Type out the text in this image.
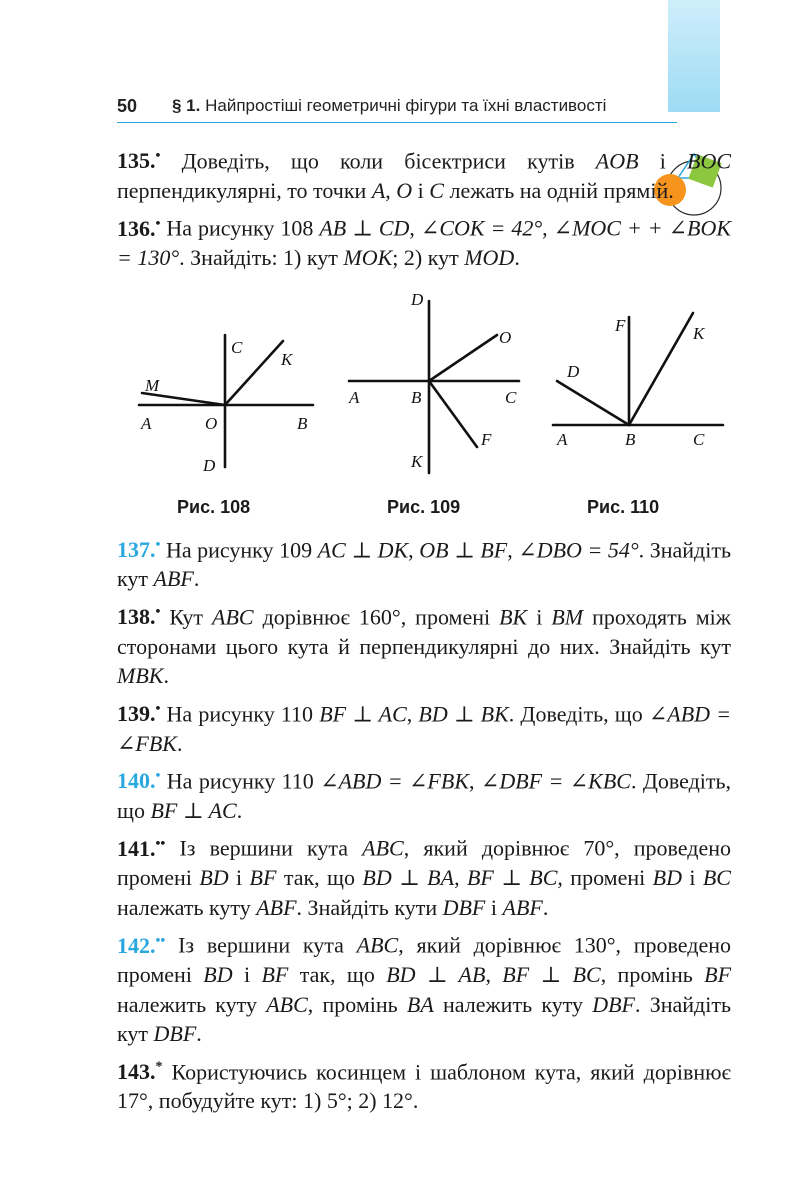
50 § 1. Найпростіші геометричні фігури та їхні властивості

135.• Доведіть, що коли бісектриси кутів AOB і BOC перпендикулярні, то точки A, O і C лежать на одній прямій.

136.• На рисунку 108 AB ⊥ CD, ∠COK = 42°, ∠MOC + + ∠BOK = 130°. Знайдіть: 1) кут MOK; 2) кут MOD.

M
C
K
A	O	B
D
D
O
A	B	C
F
K
F	K
D
A	B	C
Рис. 108	Рис. 109	Рис. 110

137.• На рисунку 109 AC ⊥ DK, OB ⊥ BF, ∠DBO = 54°. Знайдіть кут ABF.

138.• Кут ABC дорівнює 160°, промені BK і BM проходять між сторонами цього кута й перпендикулярні до них. Знайдіть кут MBK.

139.• На рисунку 110 BF ⊥ AC, BD ⊥ BK. Доведіть, що ∠ABD = ∠FBK.

140.• На рисунку 110 ∠ABD = ∠FBK, ∠DBF = ∠KBC. Доведіть, що BF ⊥ AC.

141.•• Із вершини кута ABC, який дорівнює 70°, проведено промені BD і BF так, що BD ⊥ BA, BF ⊥ BC, промені BD і BC належать куту ABF. Знайдіть кути DBF і ABF.

142.•• Із вершини кута ABC, який дорівнює 130°, проведено промені BD і BF так, що BD ⊥ AB, BF ⊥ BC, промінь BF належить куту ABC, промінь BA належить куту DBF. Знайдіть кут DBF.

143.* Користуючись косинцем і шаблоном кута, який дорівнює 17°, побудуйте кут: 1) 5°; 2) 12°.
